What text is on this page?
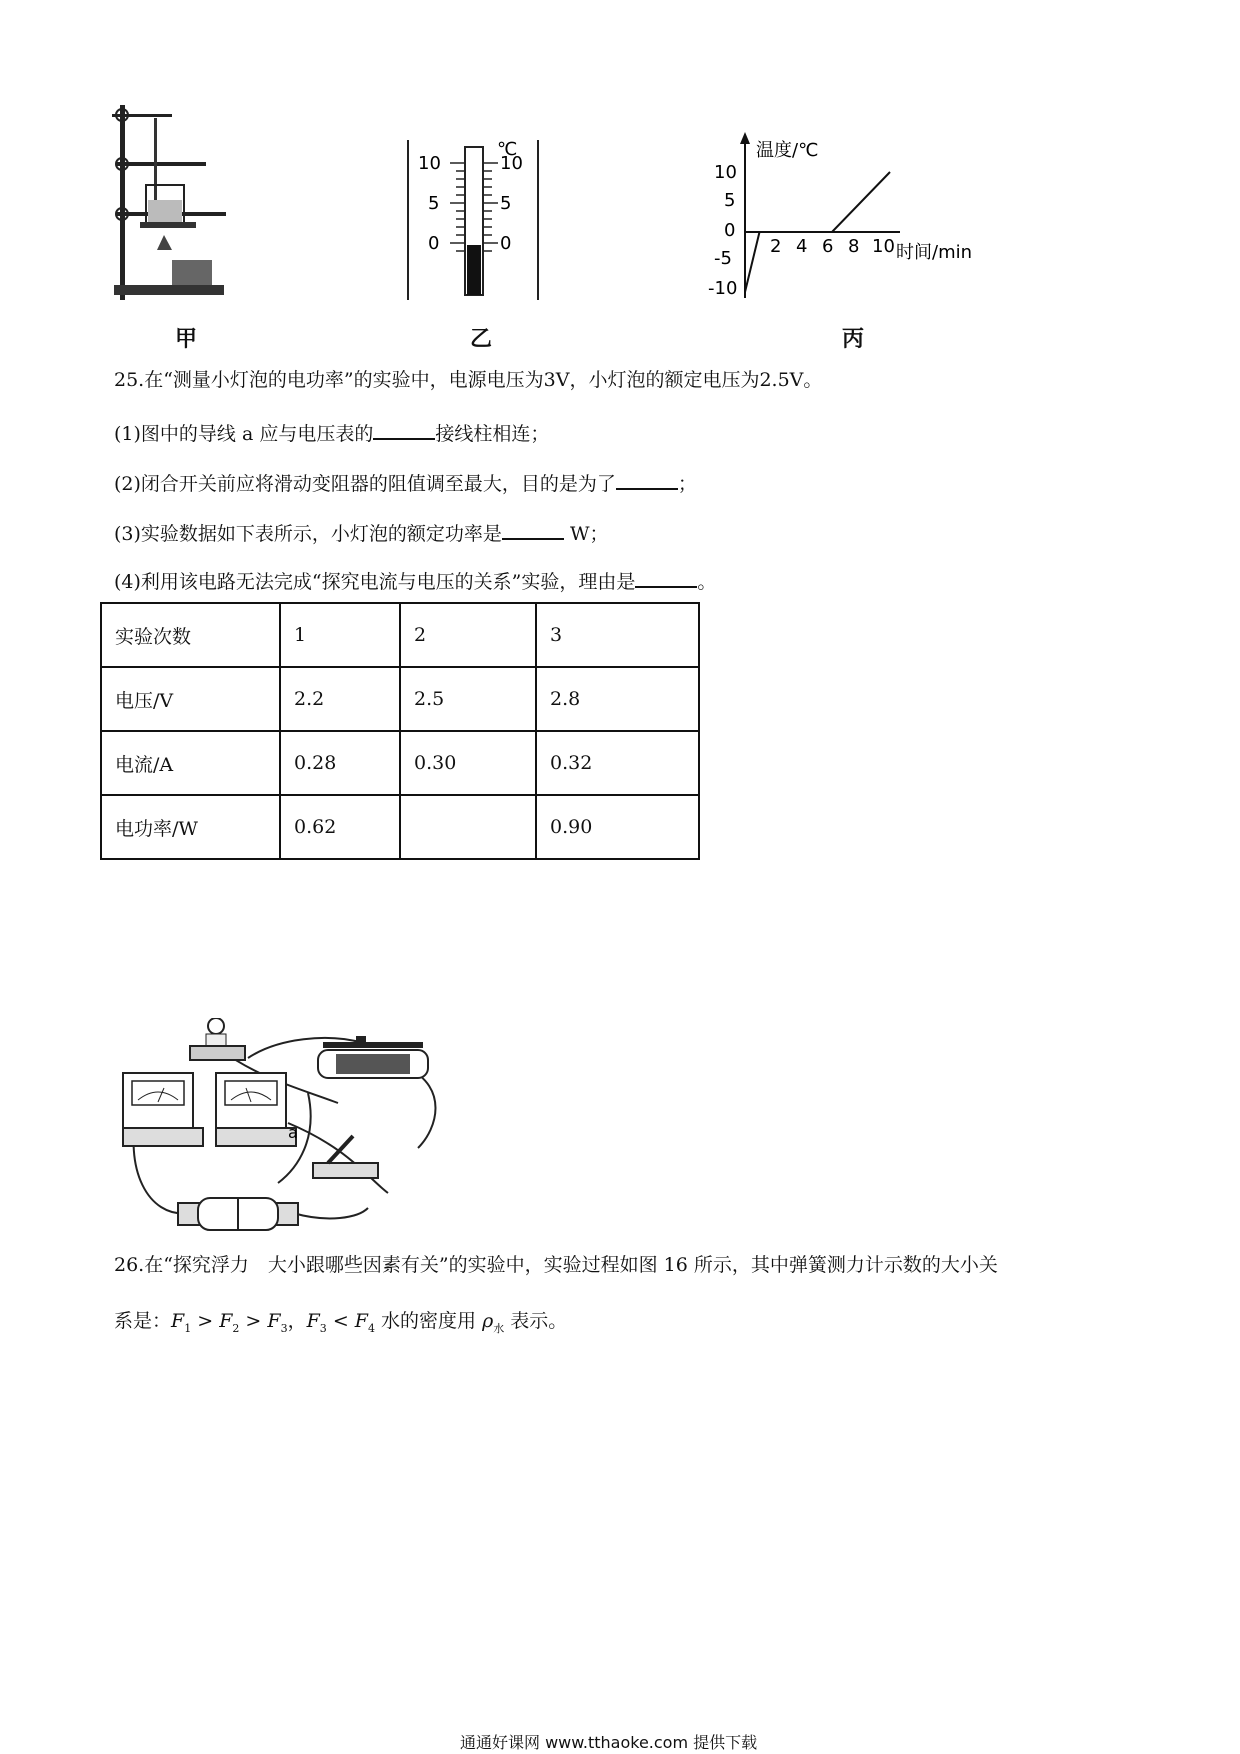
甲
℃
10
5
0
10
5
0
乙
温度/℃
时间/min
10
5
0
-5
-10
2 4 6 8 10
丙
25.在“测量小灯泡的电功率”的实验中，电源电压为3V，小灯泡的额定电压为2.5V。
(1)图中的导线 a 应与电压表的	接线柱相连；
(2)闭合开关前应将滑动变阻器的阻值调至最大，目的是为了	；
(3)实验数据如下表所示，小灯泡的额定功率是	W；
(4)利用该电路无法完成“探究电流与电压的关系”实验，理由是	。
实验次数	1	2	3
电压/V	2.2	2.5	2.8
电流/A	0.28	0.30	0.32
电功率/W	0.62		0.90
a
26.在“探究浮力　大小跟哪些因素有关”的实验中，实验过程如图 16 所示，其中弹簧测力计示数的大小关
系是：$F_1 > F_2 > F_3$，$F_3 < F_4$ 水的密度用 $\rho_水$ 表示。
通通好课网 www.tthaoke.com 提供下载
